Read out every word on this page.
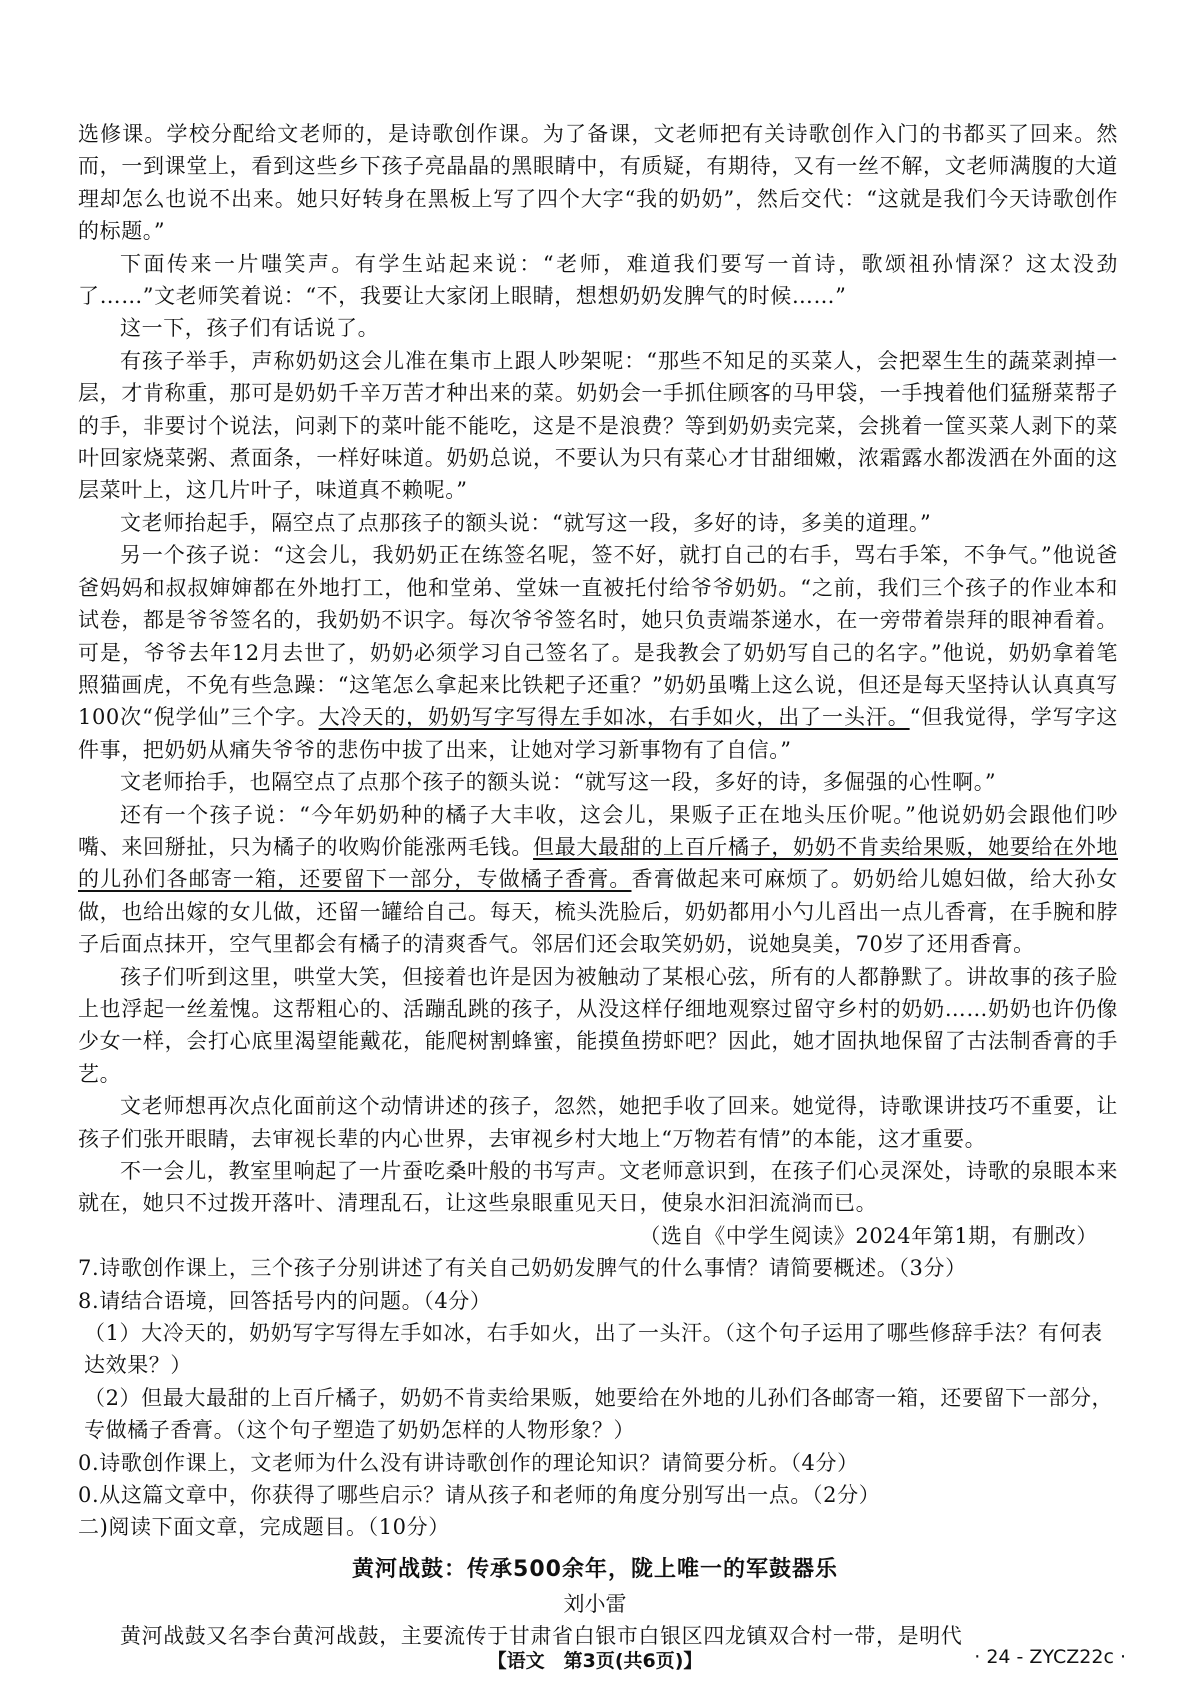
选修课。学校分配给文老师的，是诗歌创作课。为了备课，文老师把有关诗歌创作入门的书都买了回来。然而，一到课堂上，看到这些乡下孩子亮晶晶的黑眼睛中，有质疑，有期待，又有一丝不解，文老师满腹的大道理却怎么也说不出来。她只好转身在黑板上写了四个大字“我的奶奶”，然后交代：“这就是我们今天诗歌创作的标题。”

下面传来一片嗤笑声。有学生站起来说：“老师，难道我们要写一首诗，歌颂祖孙情深？这太没劲了……”文老师笑着说：“不，我要让大家闭上眼睛，想想奶奶发脾气的时候……”

这一下，孩子们有话说了。

有孩子举手，声称奶奶这会儿准在集市上跟人吵架呢：“那些不知足的买菜人，会把翠生生的蔬菜剥掉一层，才肯称重，那可是奶奶千辛万苦才种出来的菜。奶奶会一手抓住顾客的马甲袋，一手拽着他们猛掰菜帮子的手，非要讨个说法，问剥下的菜叶能不能吃，这是不是浪费？等到奶奶卖完菜，会挑着一筐买菜人剥下的菜叶回家烧菜粥、煮面条，一样好味道。奶奶总说，不要认为只有菜心才甘甜细嫩，浓霜露水都泼洒在外面的这层菜叶上，这几片叶子，味道真不赖呢。”

文老师抬起手，隔空点了点那孩子的额头说：“就写这一段，多好的诗，多美的道理。”

另一个孩子说：“这会儿，我奶奶正在练签名呢，签不好，就打自己的右手，骂右手笨，不争气。”他说爸爸妈妈和叔叔婶婶都在外地打工，他和堂弟、堂妹一直被托付给爷爷奶奶。“之前，我们三个孩子的作业本和试卷，都是爷爷签名的，我奶奶不识字。每次爷爷签名时，她只负责端茶递水，在一旁带着崇拜的眼神看着。可是，爷爷去年12月去世了，奶奶必须学习自己签名了。是我教会了奶奶写自己的名字。”他说，奶奶拿着笔照猫画虎，不免有些急躁：“这笔怎么拿起来比铁耙子还重？”奶奶虽嘴上这么说，但还是每天坚持认认真真写100次“倪学仙”三个字。大冷天的，奶奶写字写得左手如冰，右手如火，出了一头汗。“但我觉得，学写字这件事，把奶奶从痛失爷爷的悲伤中拔了出来，让她对学习新事物有了自信。”

文老师抬手，也隔空点了点那个孩子的额头说：“就写这一段，多好的诗，多倔强的心性啊。”

还有一个孩子说：“今年奶奶种的橘子大丰收，这会儿，果贩子正在地头压价呢。”他说奶奶会跟他们吵嘴、来回掰扯，只为橘子的收购价能涨两毛钱。但最大最甜的上百斤橘子，奶奶不肯卖给果贩，她要给在外地的儿孙们各邮寄一箱，还要留下一部分，专做橘子香膏。香膏做起来可麻烦了。奶奶给儿媳妇做，给大孙女做，也给出嫁的女儿做，还留一罐给自己。每天，梳头洗脸后，奶奶都用小勺儿舀出一点儿香膏，在手腕和脖子后面点抹开，空气里都会有橘子的清爽香气。邻居们还会取笑奶奶，说她臭美，70岁了还用香膏。

孩子们听到这里，哄堂大笑，但接着也许是因为被触动了某根心弦，所有的人都静默了。讲故事的孩子脸上也浮起一丝羞愧。这帮粗心的、活蹦乱跳的孩子，从没这样仔细地观察过留守乡村的奶奶……奶奶也许仍像少女一样，会打心底里渴望能戴花，能爬树割蜂蜜，能摸鱼捞虾吧？因此，她才固执地保留了古法制香膏的手艺。

文老师想再次点化面前这个动情讲述的孩子，忽然，她把手收了回来。她觉得，诗歌课讲技巧不重要，让孩子们张开眼睛，去审视长辈的内心世界，去审视乡村大地上“万物若有情”的本能，这才重要。

不一会儿，教室里响起了一片蚕吃桑叶般的书写声。文老师意识到，在孩子们心灵深处，诗歌的泉眼本来就在，她只不过拨开落叶、清理乱石，让这些泉眼重见天日，使泉水汩汩流淌而已。

（选自《中学生阅读》2024年第1期，有删改）

7.诗歌创作课上，三个孩子分别讲述了有关自己奶奶发脾气的什么事情？请简要概述。（3分）

8.请结合语境，回答括号内的问题。（4分）

（1）大冷天的，奶奶写字写得左手如冰，右手如火，出了一头汗。（这个句子运用了哪些修辞手法？有何表达效果？）

（2）但最大最甜的上百斤橘子，奶奶不肯卖给果贩，她要给在外地的儿孙们各邮寄一箱，还要留下一部分，专做橘子香膏。（这个句子塑造了奶奶怎样的人物形象？）

0.诗歌创作课上，文老师为什么没有讲诗歌创作的理论知识？请简要分析。（4分）

0.从这篇文章中，你获得了哪些启示？请从孩子和老师的角度分别写出一点。（2分）

二)阅读下面文章，完成题目。（10分）

黄河战鼓：传承500余年，陇上唯一的军鼓器乐
刘小雷

黄河战鼓又名李台黄河战鼓，主要流传于甘肃省白银市白银区四龙镇双合村一带，是明代

【语文　第3页(共6页)】	· 24 - ZYCZ22c ·
